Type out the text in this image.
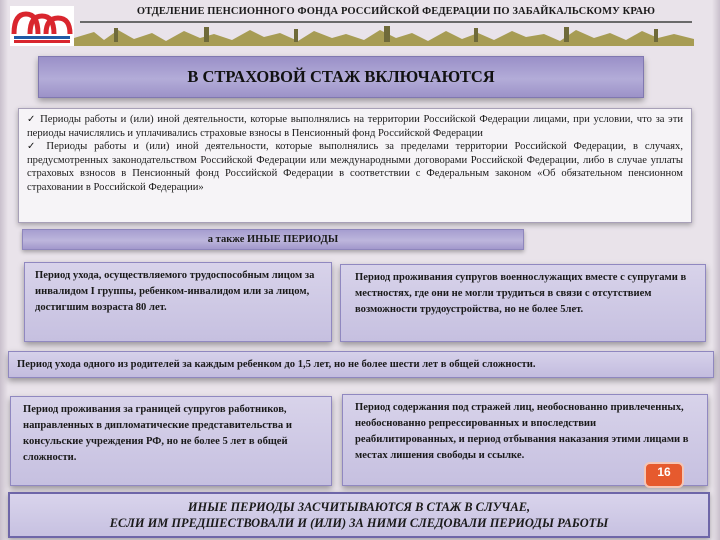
ОТДЕЛЕНИЕ ПЕНСИОННОГО ФОНДА РОССИЙСКОЙ ФЕДЕРАЦИИ ПО ЗАБАЙКАЛЬСКОМУ КРАЮ
В СТРАХОВОЙ СТАЖ ВКЛЮЧАЮТСЯ

✓ Периоды работы и (или) иной деятельности, которые выполнялись на территории Российской Федерации лицами, при условии, что за эти периоды начислялись и уплачивались страховые взносы в Пенсионный фонд Российской Федерации

✓ Периоды работы и (или) иной деятельности, которые выполнялись за пределами территории Российской Федерации, в случаях, предусмотренных законодательством Российской Федерации или международными договорами Российской Федерации, либо в случае уплаты страховых взносов в Пенсионный фонд Российской Федерации в соответствии с Федеральным законом «Об обязательном пенсионном страховании в Российской Федерации»

а также ИНЫЕ ПЕРИОДЫ
Период ухода, осуществляемого трудоспособным лицом за инвалидом I группы, ребенком-инвалидом или за лицом, достигшим возраста 80 лет.
Период проживания супругов военнослужащих вместе с супругами в местностях, где они не могли трудиться в связи с отсутствием возможности трудоустройства, но не более 5лет.
Период ухода одного из родителей за каждым ребенком до 1,5 лет, но не более шести лет в общей сложности.
Период проживания за границей супругов работников, направленных в дипломатические представительства и консульские учреждения РФ, но не более 5 лет в общей сложности.
Период содержания под стражей лиц, необоснованно привлеченных, необоснованно репрессированных и впоследствии реабилитированных, и период отбывания наказания этими лицами в местах лишения свободы и ссылке.
16
ИНЫЕ ПЕРИОДЫ ЗАСЧИТЫВАЮТСЯ В СТАЖ В СЛУЧАЕ,
ЕСЛИ ИМ ПРЕДШЕСТВОВАЛИ И (ИЛИ) ЗА НИМИ СЛЕДОВАЛИ ПЕРИОДЫ РАБОТЫ
